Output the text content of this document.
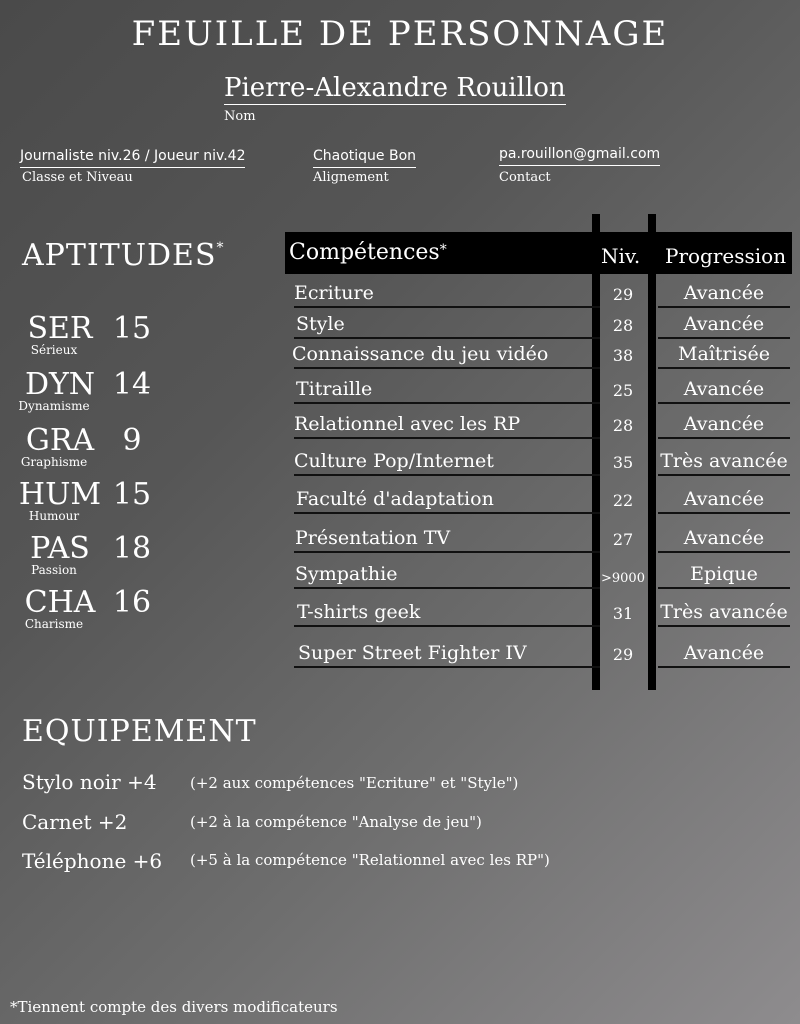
FEUILLE DE PERSONNAGE
Pierre-Alexandre Rouillon
Nom
Journaliste niv.26 / Joueur niv.42
Classe et Niveau
Chaotique Bon
Alignement
pa.rouillon@gmail.com
Contact
APTITUDES*
SER 15
Sérieux
DYN 14
Dynamisme
GRA 9
Graphisme
HUM 15
Humour
PAS 18
Passion
CHA 16
Charisme
Compétences*	Niv. Progression
Ecriture	29	Avancée
Style	28	Avancée
Connaissance du jeu vidéo	38	Maîtrisée
Titraille	25	Avancée
Relationnel avec les RP	28	Avancée
Culture Pop/Internet	35	Très avancée
Faculté d'adaptation	22	Avancée
Présentation TV	27	Avancée
Sympathie	>9000	Epique
T-shirts geek	31	Très avancée
Super Street Fighter IV	29	Avancée
EQUIPEMENT
Stylo noir +4 (+2 aux compétences "Ecriture" et "Style")
Carnet +2	(+2 à la compétence "Analyse de jeu")
Téléphone +6 (+5 à la compétence "Relationnel avec les RP")
*Tiennent compte des divers modificateurs
